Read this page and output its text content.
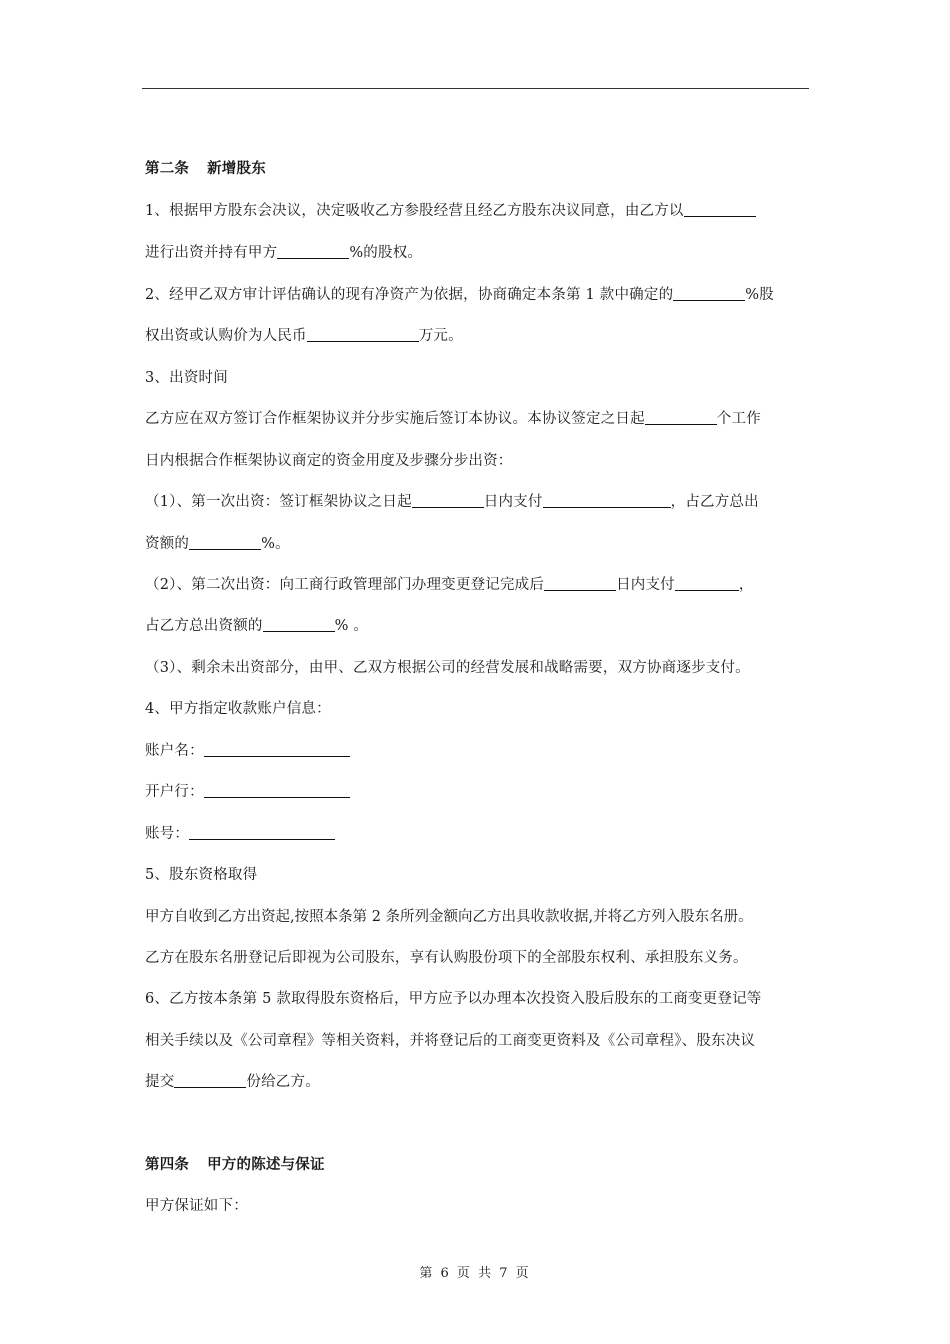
第二条 新增股东
1、根据甲方股东会决议，决定吸收乙方参股经营且经乙方股东决议同意，由乙方以
进行出资并持有甲方	%的股权。
2、经甲乙双方审计评估确认的现有净资产为依据，协商确定本条第 1 款中确定的	%股
权出资或认购价为人民币	万元。
3、出资时间
乙方应在双方签订合作框架协议并分步实施后签订本协议。本协议签定之日起	个工作
日内根据合作框架协议商定的资金用度及步骤分步出资：
（1）、第一次出资：签订框架协议之日起	日内支付	，占乙方总出
资额的	%。
（2）、第二次出资：向工商行政管理部门办理变更登记完成后	日内支付	，
占乙方总出资额的	% 。
（3）、剩余未出资部分，由甲、乙双方根据公司的经营发展和战略需要，双方协商逐步支付。
4、甲方指定收款账户信息：
账户名：
开户行：
账号：
5、股东资格取得
甲方自收到乙方出资起,按照本条第 2 条所列金额向乙方出具收款收据,并将乙方列入股东名册。
乙方在股东名册登记后即视为公司股东，享有认购股份项下的全部股东权利、承担股东义务。
6、乙方按本条第 5 款取得股东资格后，甲方应予以办理本次投资入股后股东的工商变更登记等
相关手续以及《公司章程》等相关资料，并将登记后的工商变更资料及《公司章程》、股东决议
提交	份给乙方。
第四条 甲方的陈述与保证
甲方保证如下：
第 6 页 共 7 页
